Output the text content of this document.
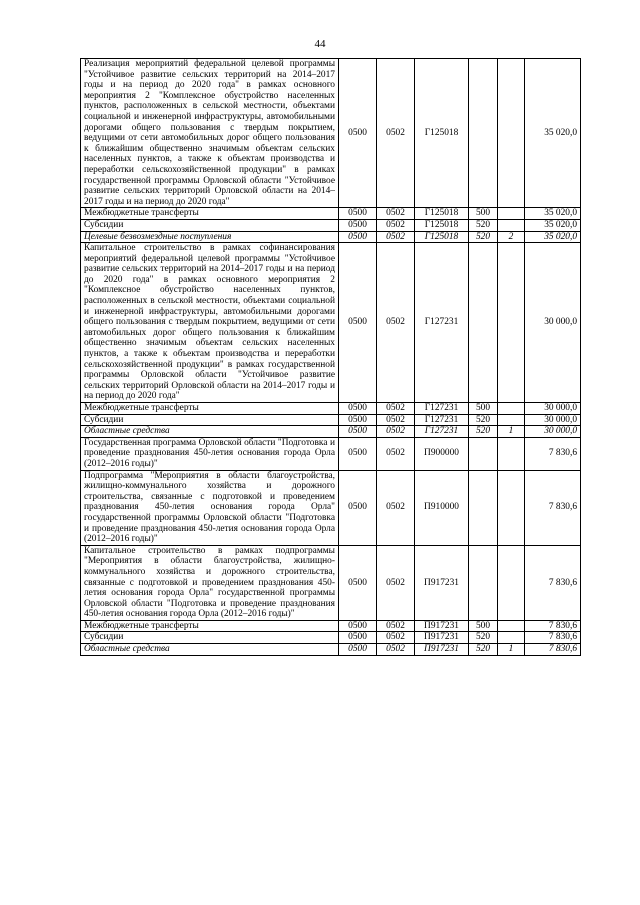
44
Реализация мероприятий федеральной целевой программы "Устойчивое развитие сельских территорий на 2014–2017 годы и на период до 2020 года" в рамках основного мероприятия 2 "Комплексное обустройство населенных пунктов, расположенных в сельской местности, объектами социальной и инженерной инфраструктуры, автомобильными дорогами общего пользования с твердым покрытием, ведущими от сети автомобильных дорог общего пользования к ближайшим общественно значимым объектам сельских населенных пунктов, а также к объектам производства и переработки сельскохозяйственной продукции" в рамках государственной программы Орловской области "Устойчивое развитие сельских территорий Орловской области на 2014–2017 годы и на период до 2020 года"	0500	0502	Г125018			35 020,0
Межбюджетные трансферты	0500	0502	Г125018	500		35 020,0
Субсидии	0500	0502	Г125018	520		35 020,0
Целевые безвозмездные поступления	0500	0502	Г125018	520	2	35 020,0
Капитальное строительство в рамках софинансирования мероприятий федеральной целевой программы "Устойчивое развитие сельских территорий на 2014–2017 годы и на период до 2020 года" в рамках основного мероприятия 2 "Комплексное обустройство населенных пунктов, расположенных в сельской местности, объектами социальной и инженерной инфраструктуры, автомобильными дорогами общего пользования с твердым покрытием, ведущими от сети автомобильных дорог общего пользования к ближайшим общественно значимым объектам сельских населенных пунктов, а также к объектам производства и переработки сельскохозяйственной продукции" в рамках государственной программы Орловской области "Устойчивое развитие сельских территорий Орловской области на 2014–2017 годы и на период до 2020 года"	0500	0502	Г127231			30 000,0
Межбюджетные трансферты	0500	0502	Г127231	500		30 000,0
Субсидии	0500	0502	Г127231	520		30 000,0
Областные средства	0500	0502	Г127231	520	1	30 000,0
Государственная программа Орловской области "Подготовка и проведение празднования 450-летия основания города Орла (2012–2016 годы)"	0500	0502	П900000			7 830,6
Подпрограмма "Мероприятия в области благоустройства, жилищно-коммунального хозяйства и дорожного строительства, связанные с подготовкой и проведением празднования 450-летия основания города Орла" государственной программы Орловской области "Подготовка и проведение празднования 450-летия основания города Орла (2012–2016 годы)"	0500	0502	П910000			7 830,6
Капитальное строительство в рамках подпрограммы "Мероприятия в области благоустройства, жилищно-коммунального хозяйства и дорожного строительства, связанные с подготовкой и проведением празднования 450-летия основания города Орла" государственной программы Орловской области "Подготовка и проведение празднования 450-летия основания города Орла (2012–2016 годы)"	0500	0502	П917231			7 830,6
Межбюджетные трансферты	0500	0502	П917231	500		7 830,6
Субсидии	0500	0502	П917231	520		7 830,6
Областные средства	0500	0502	П917231	520	1	7 830,6
